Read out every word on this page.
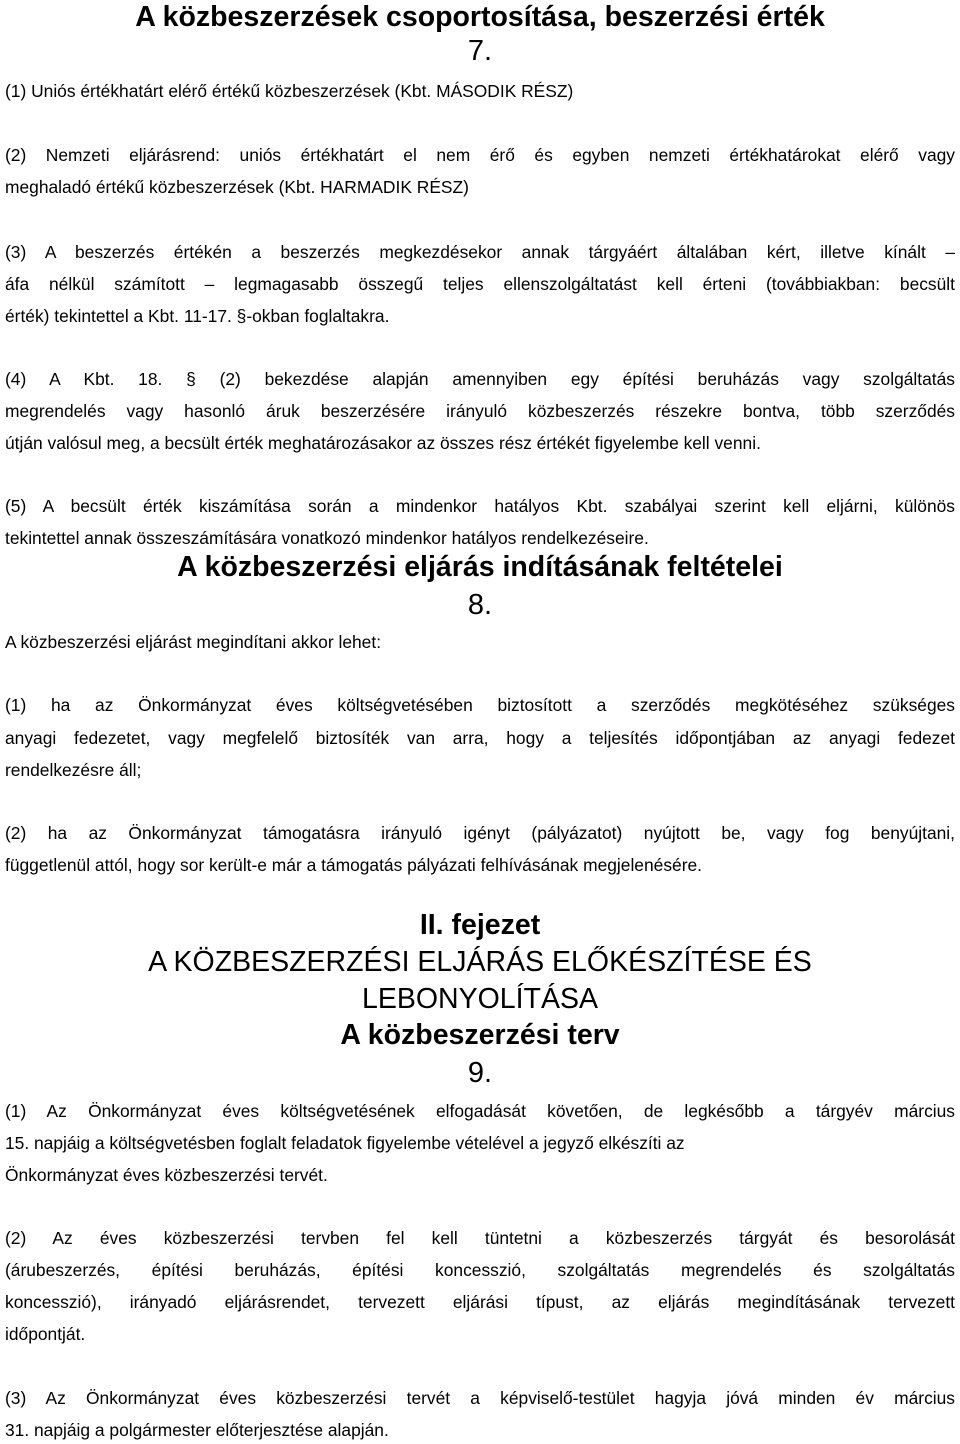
A közbeszerzések csoportosítása, beszerzési érték
7.

(1) Uniós értékhatárt elérő értékű közbeszerzések (Kbt. MÁSODIK RÉSZ)

(2) Nemzeti eljárásrend: uniós értékhatárt el nem érő és egyben nemzeti értékhatárokat elérő vagy

meghaladó értékű közbeszerzések (Kbt. HARMADIK RÉSZ)

(3) A beszerzés értékén a beszerzés megkezdésekor annak tárgyáért általában kért, illetve kínált –

áfa nélkül számított – legmagasabb összegű teljes ellenszolgáltatást kell érteni (továbbiakban: becsült

érték) tekintettel a Kbt. 11-17. §-okban foglaltakra.

(4) A Kbt. 18. § (2) bekezdése alapján amennyiben egy építési beruházás vagy szolgáltatás

megrendelés vagy hasonló áruk beszerzésére irányuló közbeszerzés részekre bontva, több szerződés

útján valósul meg, a becsült érték meghatározásakor az összes rész értékét figyelembe kell venni.

(5) A becsült érték kiszámítása során a mindenkor hatályos Kbt. szabályai szerint kell eljárni, különös

tekintettel annak összeszámítására vonatkozó mindenkor hatályos rendelkezéseire.

A közbeszerzési eljárás indításának feltételei
8.

A közbeszerzési eljárást megindítani akkor lehet:

(1) ha az Önkormányzat éves költségvetésében biztosított a szerződés megkötéséhez szükséges

anyagi fedezetet, vagy megfelelő biztosíték van arra, hogy a teljesítés időpontjában az anyagi fedezet

rendelkezésre áll;

(2) ha az Önkormányzat támogatásra irányuló igényt (pályázatot) nyújtott be, vagy fog benyújtani,

függetlenül attól, hogy sor került-e már a támogatás pályázati felhívásának megjelenésére.

II. fejezet
A KÖZBESZERZÉSI ELJÁRÁS ELŐKÉSZÍTÉSE ÉS
LEBONYOLÍTÁSA
A közbeszerzési terv
9.

(1) Az Önkormányzat éves költségvetésének elfogadását követően, de legkésőbb a tárgyév március

15. napjáig a költségvetésben foglalt feladatok figyelembe vételével a jegyző elkészíti az

Önkormányzat éves közbeszerzési tervét.

(2) Az éves közbeszerzési tervben fel kell tüntetni a közbeszerzés tárgyát és besorolását

(árubeszerzés, építési beruházás, építési koncesszió, szolgáltatás megrendelés és szolgáltatás

koncesszió), irányadó eljárásrendet, tervezett eljárási típust, az eljárás megindításának tervezett

időpontját.

(3) Az Önkormányzat éves közbeszerzési tervét a képviselő-testület hagyja jóvá minden év március

31. napjáig a polgármester előterjesztése alapján.
